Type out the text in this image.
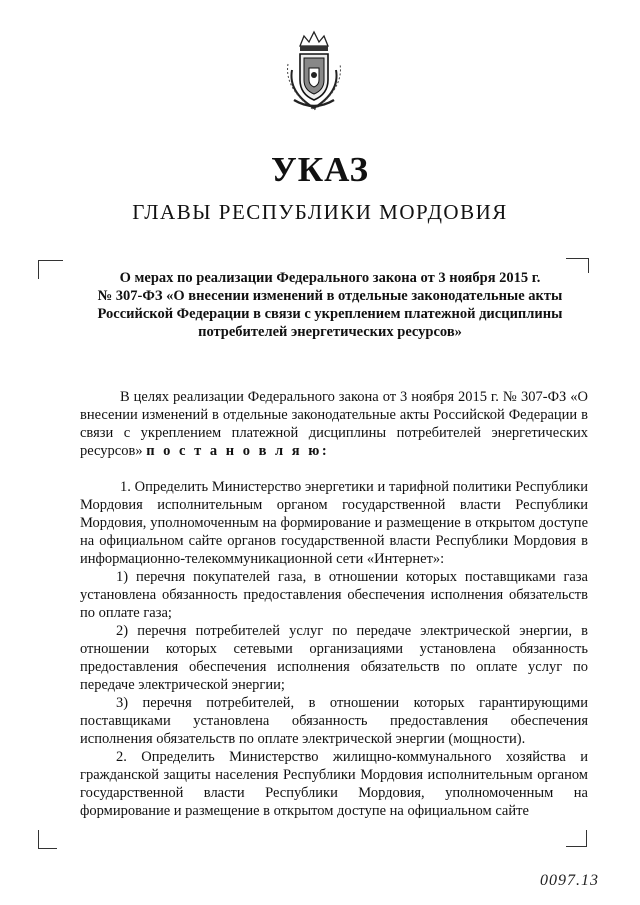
УКАЗ
ГЛАВЫ РЕСПУБЛИКИ МОРДОВИЯ
О мерах по реализации Федерального закона от 3 ноября 2015 г.
№ 307-ФЗ «О внесении изменений в отдельные законодательные акты
Российской Федерации в связи с укреплением платежной дисциплины
потребителей энергетических ресурсов»

В целях реализации Федерального закона от 3 ноября 2015 г. № 307-ФЗ «О внесении изменений в отдельные законодательные акты Российской Федерации в связи с укреплением платежной дисциплины потребителей энергетических ресурсов» п о с т а н о в л я ю:

1. Определить Министерство энергетики и тарифной политики Республики Мордовия исполнительным органом государственной власти Республики Мордовия, уполномоченным на формирование и размещение в открытом доступе на официальном сайте органов государственной власти Республики Мордовия в информационно-телекоммуникационной сети «Интернет»:

1) перечня покупателей газа, в отношении которых поставщиками газа установлена обязанность предоставления обеспечения исполнения обязательств по оплате газа;

2) перечня потребителей услуг по передаче электрической энергии, в отношении которых сетевыми организациями установлена обязанность предоставления обеспечения исполнения обязательств по оплате услуг по передаче электрической энергии;

3) перечня потребителей, в отношении которых гарантирующими поставщиками установлена обязанность предоставления обеспечения исполнения обязательств по оплате электрической энергии (мощности).

2. Определить Министерство жилищно-коммунального хозяйства и гражданской защиты населения Республики Мордовия исполнительным органом государственной власти Республики Мордовия, уполномоченным на формирование и размещение в открытом доступе на официальном сайте

0097.13
